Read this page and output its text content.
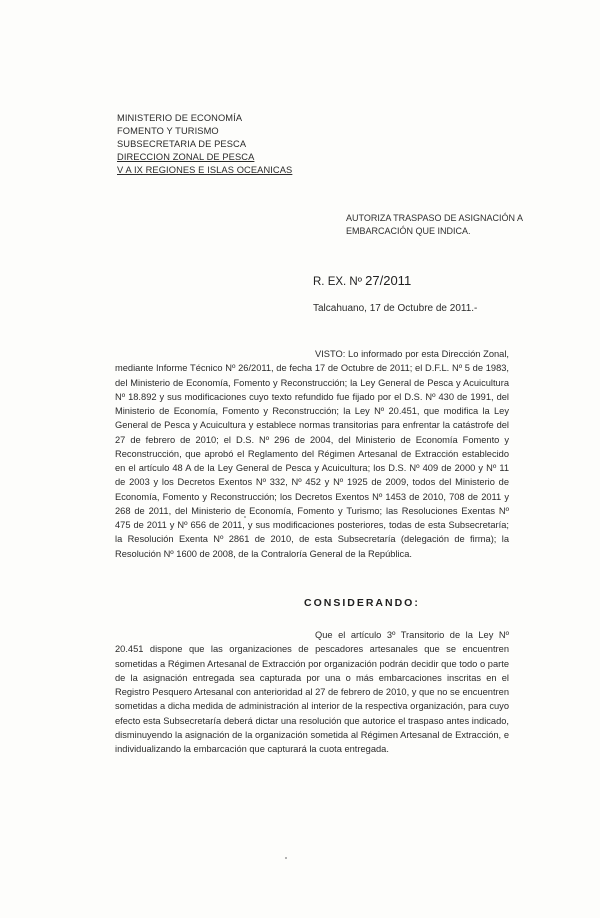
MINISTERIO DE ECONOMÍA
FOMENTO Y TURISMO
SUBSECRETARIA DE PESCA
DIRECCION ZONAL DE PESCA
V A IX REGIONES E ISLAS OCEANICAS
AUTORIZA TRASPASO DE ASIGNACIÓN A EMBARCACIÓN QUE INDICA.
R. EX. Nº 27/2011
Talcahuano, 17 de Octubre de 2011.-
VISTO: Lo informado por esta Dirección Zonal, mediante Informe Técnico Nº 26/2011, de fecha 17 de Octubre de 2011; el D.F.L. Nº 5 de 1983, del Ministerio de Economía, Fomento y Reconstrucción; la Ley General de Pesca y Acuicultura Nº 18.892 y sus modificaciones cuyo texto refundido fue fijado por el D.S. Nº 430 de 1991, del Ministerio de Economía, Fomento y Reconstrucción; la Ley Nº 20.451, que modifica la Ley General de Pesca y Acuicultura y establece normas transitorias para enfrentar la catástrofe del 27 de febrero de 2010; el D.S. Nº 296 de 2004, del Ministerio de Economía Fomento y Reconstrucción, que aprobó el Reglamento del Régimen Artesanal de Extracción establecido en el artículo 48 A de la Ley General de Pesca y Acuicultura; los D.S. Nº 409 de 2000 y Nº 11 de 2003 y los Decretos Exentos Nº 332, Nº 452 y Nº 1925 de 2009, todos del Ministerio de Economía, Fomento y Reconstrucción; los Decretos Exentos Nº 1453 de 2010, 708 de 2011 y 268 de 2011, del Ministerio de Economía, Fomento y Turismo; las Resoluciones Exentas Nº 475 de 2011 y Nº 656 de 2011, y sus modificaciones posteriores, todas de esta Subsecretaría; la Resolución Exenta Nº 2861 de 2010, de esta Subsecretaría (delegación de firma); la Resolución Nº 1600 de 2008, de la Contraloría General de la República.
CONSIDERANDO:
Que el artículo 3º Transitorio de la Ley Nº 20.451 dispone que las organizaciones de pescadores artesanales que se encuentren sometidas a Régimen Artesanal de Extracción por organización podrán decidir que todo o parte de la asignación entregada sea capturada por una o más embarcaciones inscritas en el Registro Pesquero Artesanal con anterioridad al 27 de febrero de 2010, y que no se encuentren sometidas a dicha medida de administración al interior de la respectiva organización, para cuyo efecto esta Subsecretaría deberá dictar una resolución que autorice el traspaso antes indicado, disminuyendo la asignación de la organización sometida al Régimen Artesanal de Extracción, e individualizando la embarcación que capturará la cuota entregada.
